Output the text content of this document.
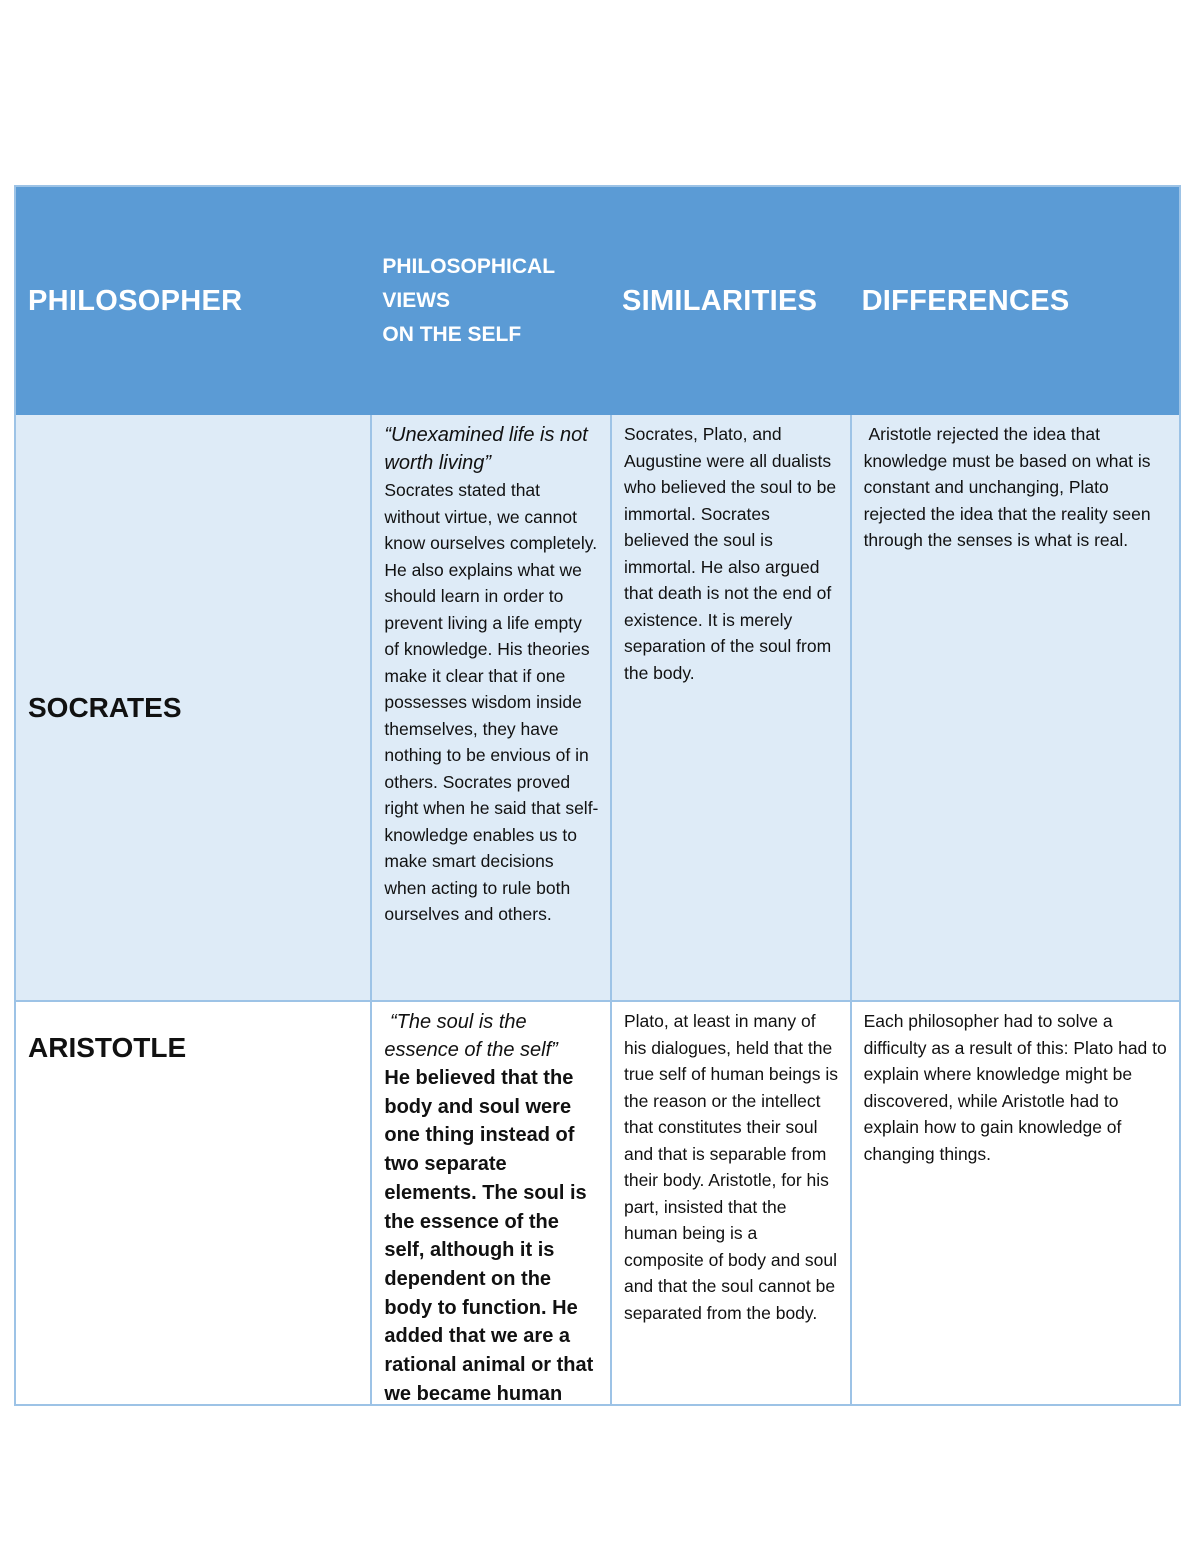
PHILOSOPHER
PHILOSOPHICAL
VIEWS
ON THE SELF
SIMILARITIES DIFFERENCES
SOCRATES
“Unexamined life is not worth living”
Socrates stated that without virtue, we cannot know ourselves completely. He also explains what we should learn in order to prevent living a life empty of knowledge. His theories make it clear that if one possesses wisdom inside themselves, they have nothing to be envious of in others. Socrates proved right when he said that self-knowledge enables us to make smart decisions when acting to rule both ourselves and others.
Socrates, Plato, and Augustine were all dualists who believed the soul to be immortal. Socrates believed the soul is immortal. He also argued that death is not the end of existence. It is merely separation of the soul from the body.
Aristotle rejected the idea that knowledge must be based on what is constant and unchanging, Plato rejected the idea that the reality seen through the senses is what is real.
ARISTOTLE
“The soul is the essence of the self”
He believed that the body and soul were one thing instead of two separate elements. The soul is the essence of the self, although it is dependent on the body to function. He added that we are a rational animal or that we became human
Plato, at least in many of his dialogues, held that the true self of human beings is the reason or the intellect that constitutes their soul and that is separable from
their body. Aristotle, for his part, insisted that the human being is a composite of body and soul and that the soul cannot be separated from the body.
Each philosopher had to solve a difficulty as a result of this: Plato had to explain where knowledge might be discovered, while Aristotle had to explain how to gain knowledge of changing things.
